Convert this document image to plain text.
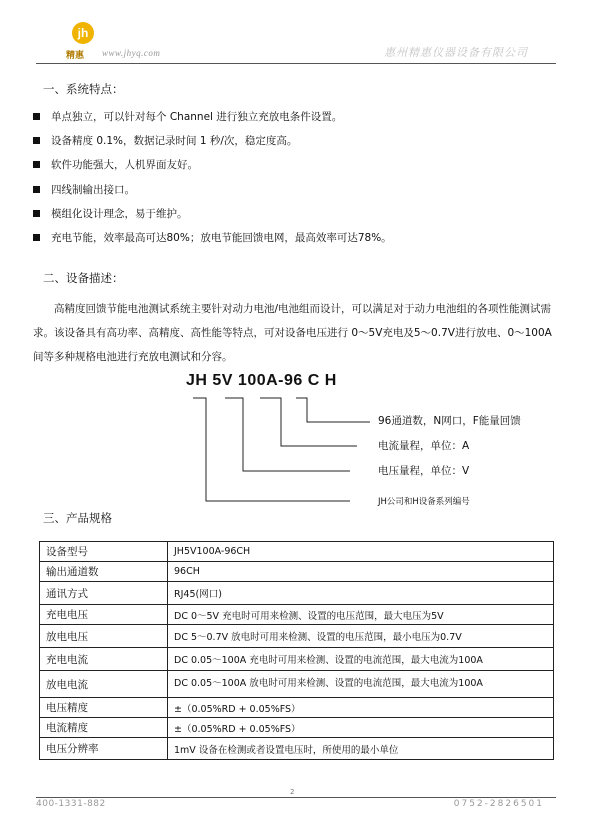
jh
精惠 www.jhyq.com	惠州精惠仪器设备有限公司
一、系统特点：
单点独立，可以针对每个 Channel 进行独立充放电条件设置。
设备精度 0.1%，数据记录时间 1 秒/次，稳定度高。
软件功能强大，人机界面友好。
四线制输出接口。
模组化设计理念，易于维护。
充电节能，效率最高可达80%；放电节能回馈电网，最高效率可达78%。
二、设备描述：
高精度回馈节能电池测试系统主要针对动力电池/电池组而设计，可以满足对于动力电池组的各项性能测试需求。该设备具有高功率、高精度、高性能等特点，可对设备电压进行 0～5V充电及5～0.7V进行放电、0～100A 间等多种规格电池进行充放电测试和分容。
JH 5V 100A-96 C H
96通道数，N网口，F能量回馈
电流量程，单位：A
电压量程，单位：V
JH公司和H设备系列编号
三、产品规格
设备型号	JH5V100A-96CH
输出通道数	96CH
通讯方式	RJ45(网口)
充电电压	DC 0～5V 充电时可用来检测、设置的电压范围，最大电压为5V
放电电压	DC 5～0.7V 放电时可用来检测、设置的电压范围，最小电压为0.7V
充电电流	DC 0.05～100A 充电时可用来检测、设置的电流范围，最大电流为100A
放电电流	DC 0.05～100A 放电时可用来检测、设置的电流范围，最大电流为100A
电压精度	±（0.05%RD + 0.05%FS）
电流精度	±（0.05%RD + 0.05%FS）
电压分辨率	1mV 设备在检测或者设置电压时，所使用的最小单位
2
400-1331-882	0752-2826501
